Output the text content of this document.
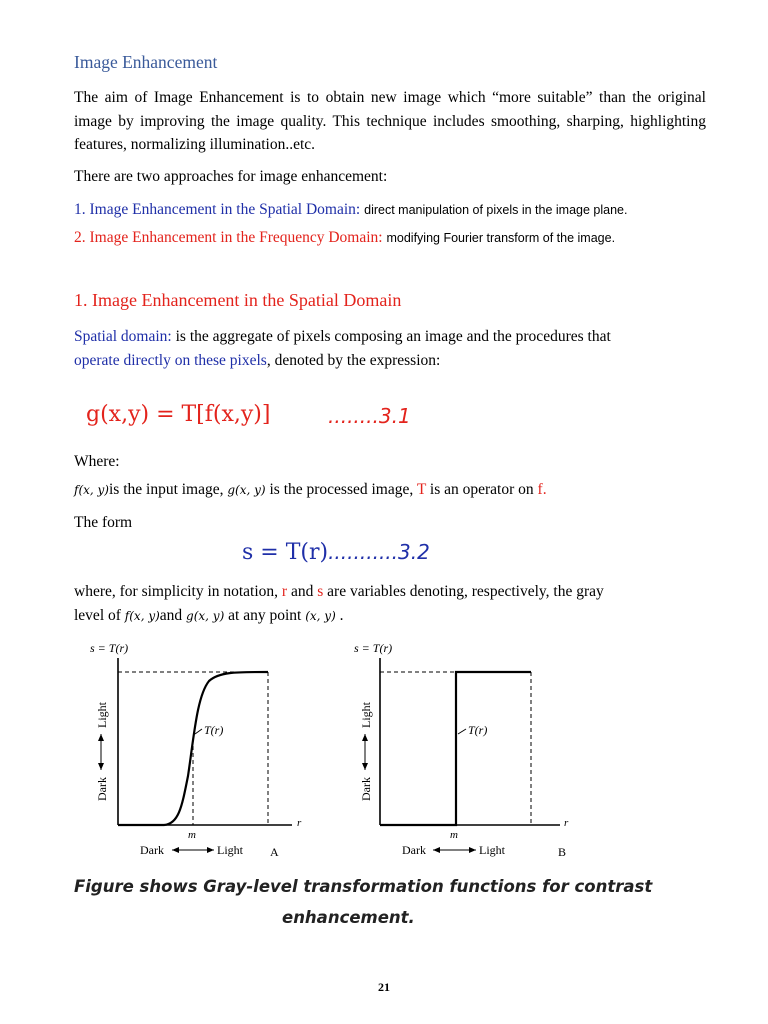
Image Enhancement
The aim of Image Enhancement is to obtain new image which “more suitable” than the original image by improving the image quality. This technique includes smoothing, sharping, highlighting features, normalizing illumination..etc.
There are two approaches for image enhancement:
1. Image Enhancement in the Spatial Domain: direct manipulation of pixels in the image plane.
2. Image Enhancement in the Frequency Domain: modifying Fourier transform of the image.
1. Image Enhancement in the Spatial Domain
Spatial domain: is the aggregate of pixels composing an image and the procedures that
operate directly on these pixels, denoted by the expression:
g(x,y) = T[f(x,y)]	........3.1
Where:
f(x, y)is the input image, g(x, y) is the processed image, T is an operator on f.
The form
s = T(r)...........3.2
where, for simplicity in notation, r and s are variables denoting, respectively, the gray
level of f(x, y)and g(x, y) at any point (x, y) .
s = T(r)
T(r)
m
r
Dark	Light A
Dark
Light
s = T(r)
T(r)
m
r
Dark	Light	B
Dark
Light
Figure shows Gray-level transformation functions for contrast
enhancement.
21
